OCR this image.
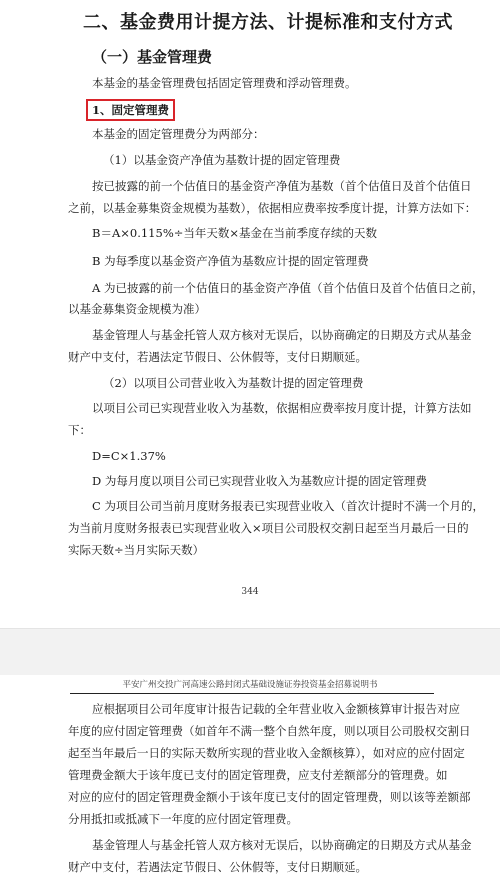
二、基金费用计提方法、计提标准和支付方式
（一）基金管理费
本基金的基金管理费包括固定管理费和浮动管理费。
1、固定管理费
本基金的固定管理费分为两部分：
（1）以基金资产净值为基数计提的固定管理费
按已披露的前一个估值日的基金资产净值为基数（首个估值日及首个估值日
之前，以基金募集资金规模为基数），依据相应费率按季度计提，计算方法如下：
B＝A×0.115%÷当年天数×基金在当前季度存续的天数
B 为每季度以基金资产净值为基数应计提的固定管理费
A 为已披露的前一个估值日的基金资产净值（首个估值日及首个估值日之前，
以基金募集资金规模为准）
基金管理人与基金托管人双方核对无误后，以协商确定的日期及方式从基金
财产中支付，若遇法定节假日、公休假等，支付日期顺延。
（2）以项目公司营业收入为基数计提的固定管理费
以项目公司已实现营业收入为基数，依据相应费率按月度计提，计算方法如
下：
D=C×1.37%
D 为每月度以项目公司已实现营业收入为基数应计提的固定管理费
C 为项目公司当前月度财务报表已实现营业收入（首次计提时不满一个月的，
为当前月度财务报表已实现营业收入×项目公司股权交割日起至当月最后一日的
实际天数÷当月实际天数）
344
平安广州交投广河高速公路封闭式基础设施证券投资基金招募说明书
应根据项目公司年度审计报告记载的全年营业收入金额核算审计报告对应
年度的应付固定管理费（如首年不满一整个自然年度，则以项目公司股权交割日
起至当年最后一日的实际天数所实现的营业收入金额核算），如对应的应付固定
管理费金额大于该年度已支付的固定管理费，应支付差额部分的管理费。如
对应的应付的固定管理费金额小于该年度已支付的固定管理费，则以该等差额部
分用抵扣或抵减下一年度的应付固定管理费。
基金管理人与基金托管人双方核对无误后，以协商确定的日期及方式从基金
财产中支付，若遇法定节假日、公休假等，支付日期顺延。
